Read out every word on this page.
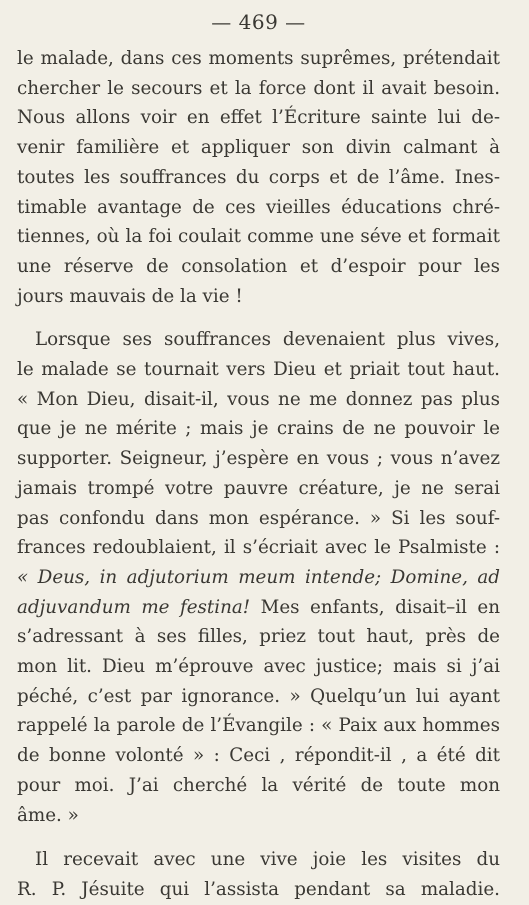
— 469 —
le malade, dans ces moments suprêmes, prétendait
chercher le secours et la force dont il avait besoin.
Nous allons voir en effet l’Écriture sainte lui de-
venir familière et appliquer son divin calmant à
toutes les souffrances du corps et de l’âme. Ines-
timable avantage de ces vieilles éducations chré-
tiennes, où la foi coulait comme une séve et formait
une réserve de consolation et d’espoir pour les
jours mauvais de la vie !
Lorsque ses souffrances devenaient plus vives,
le malade se tournait vers Dieu et priait tout haut.
« Mon Dieu, disait-il, vous ne me donnez pas plus
que je ne mérite ; mais je crains de ne pouvoir le
supporter. Seigneur, j’espère en vous ; vous n’avez
jamais trompé votre pauvre créature, je ne serai
pas confondu dans mon espérance. » Si les souf-
frances redoublaient, il s’écriait avec le Psalmiste :
« Deus, in adjutorium meum intende; Domine, ad
adjuvandum me festina! Mes enfants, disait–il en
s’adressant à ses filles, priez tout haut, près de
mon lit. Dieu m’éprouve avec justice; mais si j’ai
péché, c’est par ignorance. » Quelqu’un lui ayant
rappelé la parole de l’Évangile : « Paix aux hommes
de bonne volonté » : Ceci , répondit-il , a été dit
pour moi. J’ai cherché la vérité de toute mon
âme. »
Il recevait avec une vive joie les visites du
R. P. Jésuite qui l’assista pendant sa maladie.
